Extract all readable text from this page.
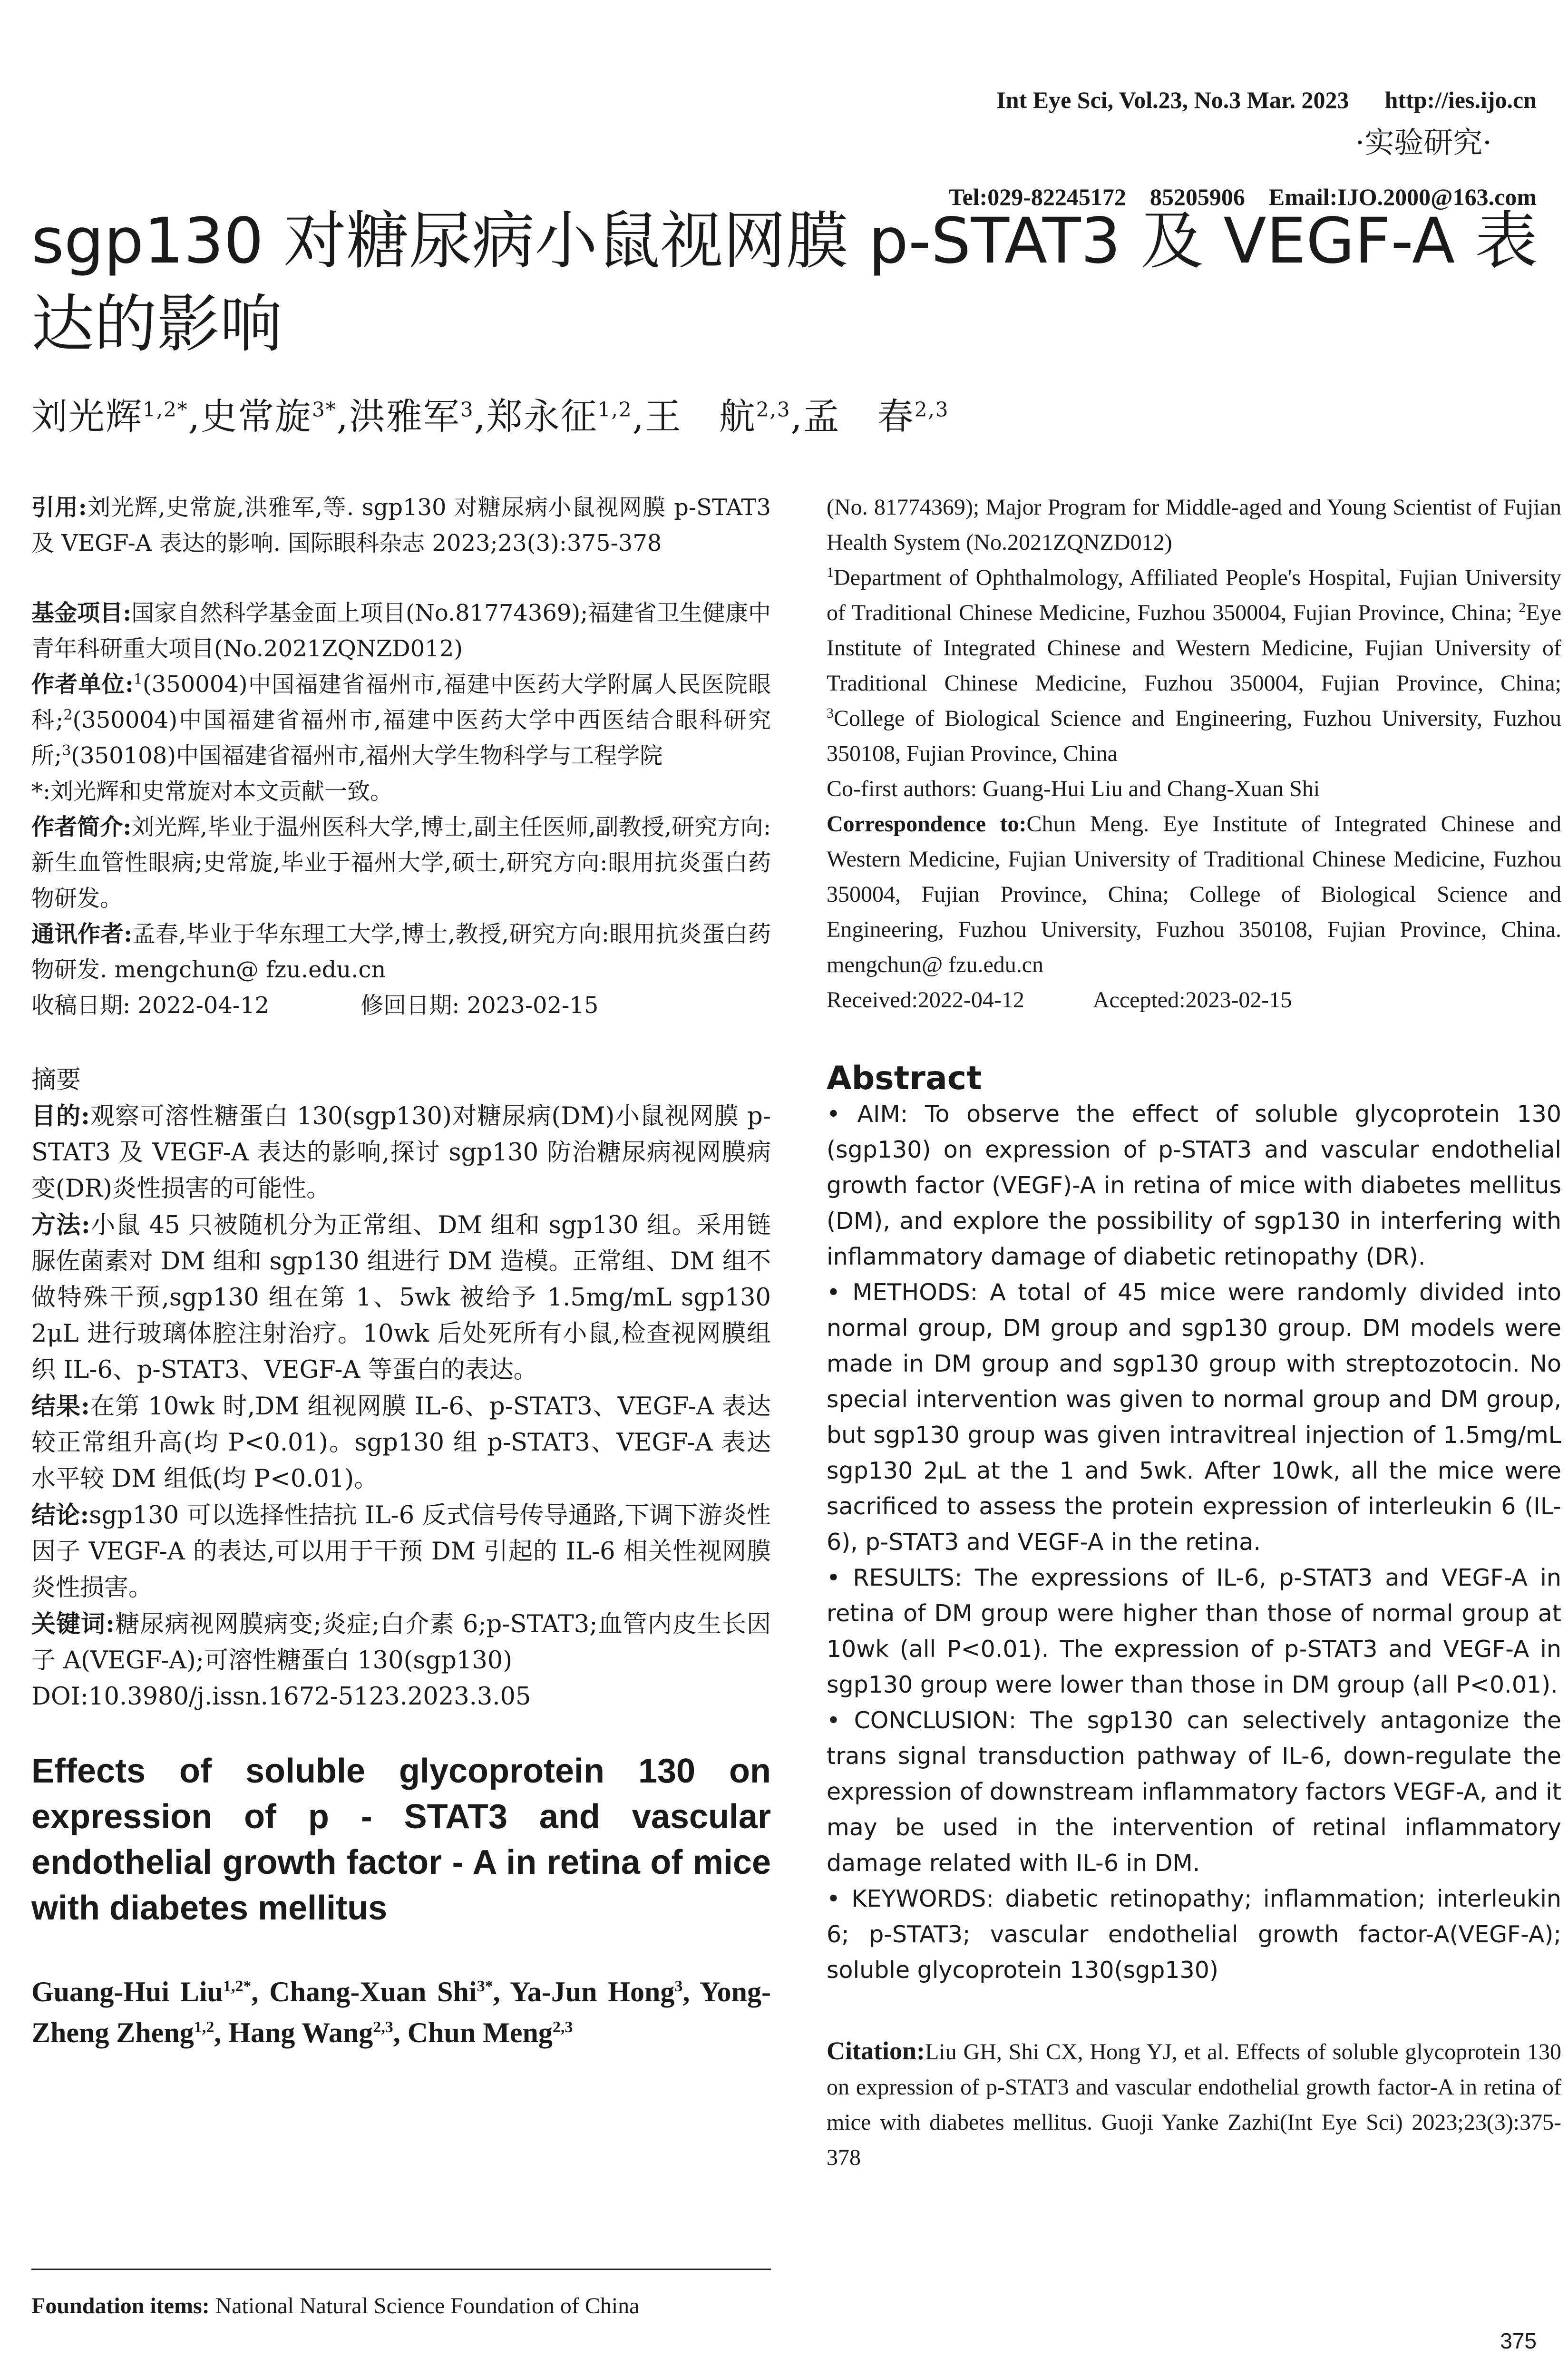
Int Eye Sci, Vol.23, No.3 Mar. 2023 http://ies.ijo.cn

Tel:029-82245172    85205906 Email:IJO.2000@163.com

·实验研究·
sgp130 对糖尿病小鼠视网膜 p-STAT3 及 VEGF-A 表达的影响
刘光辉$^{1,2*}$,史常旋$^{3*}$,洪雅军$^3$,郑永征$^{1,2}$,王　航$^{2,3}$,孟　春$^{2,3}$

引用:刘光辉,史常旋,洪雅军,等. sgp130 对糖尿病小鼠视网膜 p-STAT3 及 VEGF-A 表达的影响. 国际眼科杂志 2023;23(3):375-378

基金项目:国家自然科学基金面上项目(No.81774369);福建省卫生健康中青年科研重大项目(No.2021ZQNZD012)

作者单位:$^1$(350004)中国福建省福州市,福建中医药大学附属人民医院眼科;$^2$(350004)中国福建省福州市,福建中医药大学中西医结合眼科研究所;$^3$(350108)中国福建省福州市,福州大学生物科学与工程学院

*:刘光辉和史常旋对本文贡献一致。

作者简介:刘光辉,毕业于温州医科大学,博士,副主任医师,副教授,研究方向:新生血管性眼病;史常旋,毕业于福州大学,硕士,研究方向:眼用抗炎蛋白药物研发。

通讯作者:孟春,毕业于华东理工大学,博士,教授,研究方向:眼用抗炎蛋白药物研发. mengchun@ fzu.edu.cn

收稿日期: 2022-04-12　　　　	修回日期: 2023-02-15

摘要

目的:观察可溶性糖蛋白 130(sgp130)对糖尿病(DM)小鼠视网膜 p-STAT3 及 VEGF-A 表达的影响,探讨 sgp130 防治糖尿病视网膜病变(DR)炎性损害的可能性。

方法:小鼠 45 只被随机分为正常组、DM 组和 sgp130 组。采用链脲佐菌素对 DM 组和 sgp130 组进行 DM 造模。正常组、DM 组不做特殊干预,sgp130 组在第 1、5wk 被给予 1.5mg/mL sgp130 2μL 进行玻璃体腔注射治疗。10wk 后处死所有小鼠,检查视网膜组织 IL-6、p-STAT3、VEGF-A 等蛋白的表达。

结果:在第 10wk 时,DM 组视网膜 IL-6、p-STAT3、VEGF-A 表达较正常组升高(均 P<0.01)。sgp130 组 p-STAT3、VEGF-A 表达水平较 DM 组低(均 P<0.01)。

结论:sgp130 可以选择性拮抗 IL-6 反式信号传导通路,下调下游炎性因子 VEGF-A 的表达,可以用于干预 DM 引起的 IL-6 相关性视网膜炎性损害。

关键词:糖尿病视网膜病变;炎症;白介素 6;p-STAT3;血管内皮生长因子 A(VEGF-A);可溶性糖蛋白 130(sgp130)

DOI:10.3980/j.issn.1672-5123.2023.3.05

Effects of soluble glycoprotein 130 on expression of p - STAT3 and vascular endothelial growth factor - A in retina of mice with diabetes mellitus

Guang-Hui Liu$^{1,2*}$, Chang-Xuan Shi$^{3*}$, Ya-Jun Hong$^3$, Yong-Zheng Zheng$^{1,2}$, Hang Wang$^{2,3}$, Chun Meng$^{2,3}$

Foundation items: National Natural Science Foundation of China

(No. 81774369); Major Program for Middle-aged and Young Scientist of Fujian Health System (No.2021ZQNZD012)

$^1$Department of Ophthalmology, Affiliated People's Hospital, Fujian University of Traditional Chinese Medicine, Fuzhou 350004, Fujian Province, China; $^2$Eye Institute of Integrated Chinese and Western Medicine, Fujian University of Traditional Chinese Medicine, Fuzhou 350004, Fujian Province, China; $^3$College of Biological Science and Engineering, Fuzhou University, Fuzhou 350108, Fujian Province, China

Co-first authors: Guang-Hui Liu and Chang-Xuan Shi

Correspondence to:Chun Meng. Eye Institute of Integrated Chinese and Western Medicine, Fujian University of Traditional Chinese Medicine, Fuzhou 350004, Fujian Province, China; College of Biological Science and Engineering, Fuzhou University, Fuzhou 350108, Fujian Province, China. mengchun@ fzu.edu.cn

Received:2022-04-12　　　	Accepted:2023-02-15

Abstract

• AIM: To observe the effect of soluble glycoprotein 130 (sgp130) on expression of p-STAT3 and vascular endothelial growth factor (VEGF)-A in retina of mice with diabetes mellitus (DM), and explore the possibility of sgp130 in interfering with inflammatory damage of diabetic retinopathy (DR).

• METHODS: A total of 45 mice were randomly divided into normal group, DM group and sgp130 group. DM models were made in DM group and sgp130 group with streptozotocin. No special intervention was given to normal group and DM group, but sgp130 group was given intravitreal injection of 1.5mg/mL sgp130 2μL at the 1 and 5wk. After 10wk, all the mice were sacrificed to assess the protein expression of interleukin 6 (IL-6), p-STAT3 and VEGF-A in the retina.

• RESULTS: The expressions of IL-6, p-STAT3 and VEGF-A in retina of DM group were higher than those of normal group at 10wk (all P<0.01). The expression of p-STAT3 and VEGF-A in sgp130 group were lower than those in DM group (all P<0.01).

• CONCLUSION: The sgp130 can selectively antagonize the trans signal transduction pathway of IL-6, down-regulate the expression of downstream inflammatory factors VEGF-A, and it may be used in the intervention of retinal inflammatory damage related with IL-6 in DM.

• KEYWORDS: diabetic retinopathy; inflammation; interleukin 6; p-STAT3; vascular endothelial growth factor-A(VEGF-A); soluble glycoprotein 130(sgp130)

Citation:Liu GH, Shi CX, Hong YJ, et al. Effects of soluble glycoprotein 130 on expression of p-STAT3 and vascular endothelial growth factor-A in retina of mice with diabetes mellitus. Guoji Yanke Zazhi(Int Eye Sci) 2023;23(3):375-378

375
